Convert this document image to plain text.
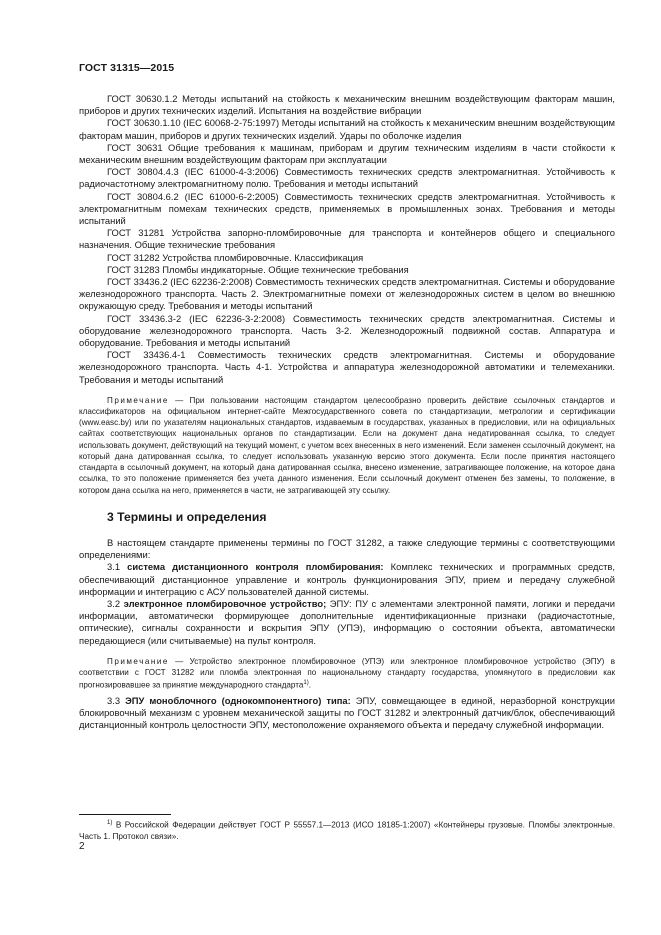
ГОСТ 31315—2015

ГОСТ 30630.1.2 Методы испытаний на стойкость к механическим внешним воздействующим факторам машин, приборов и других технических изделий. Испытания на воздействие вибрации

ГОСТ 30630.1.10 (IEC 60068-2-75:1997) Методы испытаний на стойкость к механическим внешним воздействующим факторам машин, приборов и других технических изделий. Удары по оболочке изделия

ГОСТ 30631 Общие требования к машинам, приборам и другим техническим изделиям в части стойкости к механическим внешним воздействующим факторам при эксплуатации

ГОСТ 30804.4.3 (IEC 61000-4-3:2006) Совместимость технических средств электромагнитная. Устойчивость к радиочастотному электромагнитному полю. Требования и методы испытаний

ГОСТ 30804.6.2 (IEC 61000-6-2:2005) Совместимость технических средств электромагнитная. Устойчивость к электромагнитным помехам технических средств, применяемых в промышленных зонах. Требования и методы испытаний

ГОСТ 31281 Устройства запорно-пломбировочные для транспорта и контейнеров общего и специального назначения. Общие технические требования

ГОСТ 31282 Устройства пломбировочные. Классификация

ГОСТ 31283 Пломбы индикаторные. Общие технические требования

ГОСТ 33436.2 (IEC 62236-2:2008) Совместимость технических средств электромагнитная. Системы и оборудование железнодорожного транспорта. Часть 2. Электромагнитные помехи от железнодорожных систем в целом во внешнюю окружающую среду. Требования и методы испытаний

ГОСТ 33436.3-2 (IEC 62236-3-2:2008) Совместимость технических средств электромагнитная. Системы и оборудование железнодорожного транспорта. Часть 3-2. Железнодорожный подвижной состав. Аппаратура и оборудование. Требования и методы испытаний

ГОСТ 33436.4-1 Совместимость технических средств электромагнитная. Системы и оборудование железнодорожного транспорта. Часть 4-1. Устройства и аппаратура железнодорожной автоматики и телемеханики. Требования и методы испытаний

Примечание — При пользовании настоящим стандартом целесообразно проверить действие ссылочных стандартов и классификаторов на официальном интернет-сайте Межгосударственного совета по стандартизации, метрологии и сертификации (www.easc.by) или по указателям национальных стандартов, издаваемым в государствах, указанных в предисловии, или на официальных сайтах соответствующих национальных органов по стандартизации. Если на документ дана недатированная ссылка, то следует использовать документ, действующий на текущий момент, с учетом всех внесенных в него изменений. Если заменен ссылочный документ, на который дана датированная ссылка, то следует использовать указанную версию этого документа. Если после принятия настоящего стандарта в ссылочный документ, на который дана датированная ссылка, внесено изменение, затрагивающее положение, на которое дана ссылка, то это положение применяется без учета данного изменения. Если ссылочный документ отменен без замены, то положение, в котором дана ссылка на него, применяется в части, не затрагивающей эту ссылку.

3 Термины и определения

В настоящем стандарте применены термины по ГОСТ 31282, а также следующие термины с соответствующими определениями:

3.1 система дистанционного контроля пломбирования: Комплекс технических и программных средств, обеспечивающий дистанционное управление и контроль функционирования ЭПУ, прием и передачу служебной информации и интеграцию с АСУ пользователей данной системы.

3.2 электронное пломбировочное устройство; ЭПУ: ПУ с элементами электронной памяти, логики и передачи информации, автоматически формирующее дополнительные идентификационные признаки (радиочастотные, оптические), сигналы сохранности и вскрытия ЭПУ (УПЭ), информацию о состоянии объекта, автоматически передающиеся (или считываемые) на пульт контроля.

Примечание — Устройство электронное пломбировочное (УПЭ) или электронное пломбировочное устройство (ЭПУ) в соответствии с ГОСТ 31282 или пломба электронная по национальному стандарту государства, упомянутого в предисловии как прогнозировавшее за принятие международного стандарта$^{1)}$.

3.3 ЭПУ моноблочного (однокомпонентного) типа: ЭПУ, совмещающее в единой, неразборной конструкции блокировочный механизм с уровнем механической защиты по ГОСТ 31282 и электронный датчик/блок, обеспечивающий дистанционный контроль целостности ЭПУ, местоположение охраняемого объекта и передачу служебной информации.

$^{1)}$ В Российской Федерации действует ГОСТ Р 55557.1—2013 (ИСО 18185-1:2007) «Контейнеры грузовые. Пломбы электронные. Часть 1. Протокол связи».
2
